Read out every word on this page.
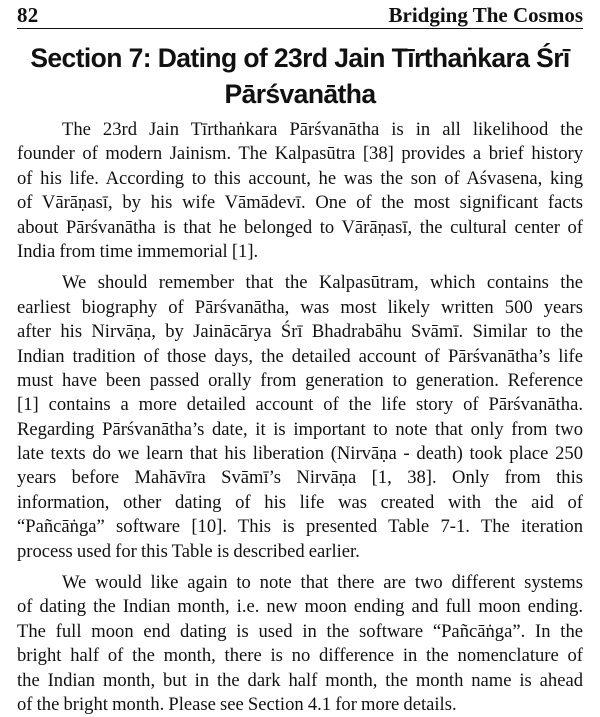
82	Bridging The Cosmos
Section 7: Dating of 23rd Jain Tīrthaṅkara Śrī
Pārśvanātha
The 23rd Jain Tīrthaṅkara Pārśvanātha is in all likelihood the
founder of modern Jainism. The Kalpasūtra [38] provides a brief history
of his life. According to this account, he was the son of Aśvasena, king
of Vārāṇasī, by his wife Vāmādevī. One of the most significant facts
about Pārśvanātha is that he belonged to Vārāṇasī, the cultural center of
India from time immemorial [1].
We should remember that the Kalpasūtram, which contains the
earliest biography of Pārśvanātha, was most likely written 500 years
after his Nirvāṇa, by Jainācārya Śrī Bhadrabāhu Svāmī. Similar to the
Indian tradition of those days, the detailed account of Pārśvanātha’s life
must have been passed orally from generation to generation. Reference
[1] contains a more detailed account of the life story of Pārśvanātha.
Regarding Pārśvanātha’s date, it is important to note that only from two
late texts do we learn that his liberation (Nirvāṇa - death) took place 250
years before Mahāvīra Svāmī’s Nirvāṇa [1, 38]. Only from this
information, other dating of his life was created with the aid of
“Pañcāṅga” software [10]. This is presented Table 7-1. The iteration
process used for this Table is described earlier.
We would like again to note that there are two different systems
of dating the Indian month, i.e. new moon ending and full moon ending.
The full moon end dating is used in the software “Pañcāṅga”. In the
bright half of the month, there is no difference in the nomenclature of
the Indian month, but in the dark half month, the month name is ahead
of the bright month. Please see Section 4.1 for more details.
